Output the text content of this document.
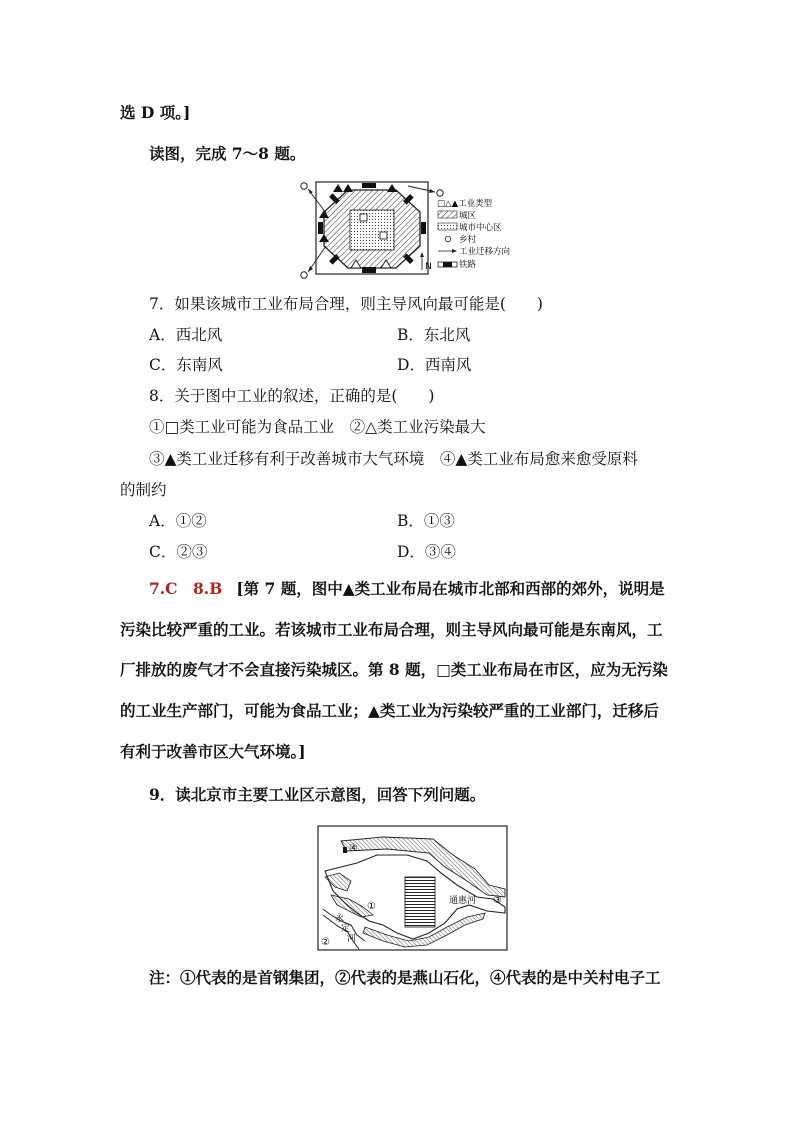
选 D 项。]
读图，完成 7～8 题。
N
□△▲工业类型
城区
城市中心区
乡村
工业迁移方向
铁路
7．如果该城市工业布局合理，则主导风向最可能是(　　)
A．西北风	B．东北风
C．东南风	D．西南风
8．关于图中工业的叙述，正确的是(　　)
①□类工业可能为食品工业　②△类工业污染最大
③▲类工业迁移有利于改善城市大气环境　④▲类工业布局愈来愈受原料
的制约
A．①②	B．①③
C．②③	D．③④
7.C　8.B [第 7 题，图中▲类工业布局在城市北部和西部的郊外，说明是
污染比较严重的工业。若该城市工业布局合理，则主导风向最可能是东南风，工
厂排放的废气才不会直接污染城区。第 8 题，□类工业布局在市区，应为无污染
的工业生产部门，可能为食品工业；▲类工业为污染较严重的工业部门，迁移后
有利于改善市区大气环境。]
9．读北京市主要工业区示意图，回答下列问题。
④
①
②
③
通惠河
永
定
河
注：①代表的是首钢集团，②代表的是燕山石化，④代表的是中关村电子工
